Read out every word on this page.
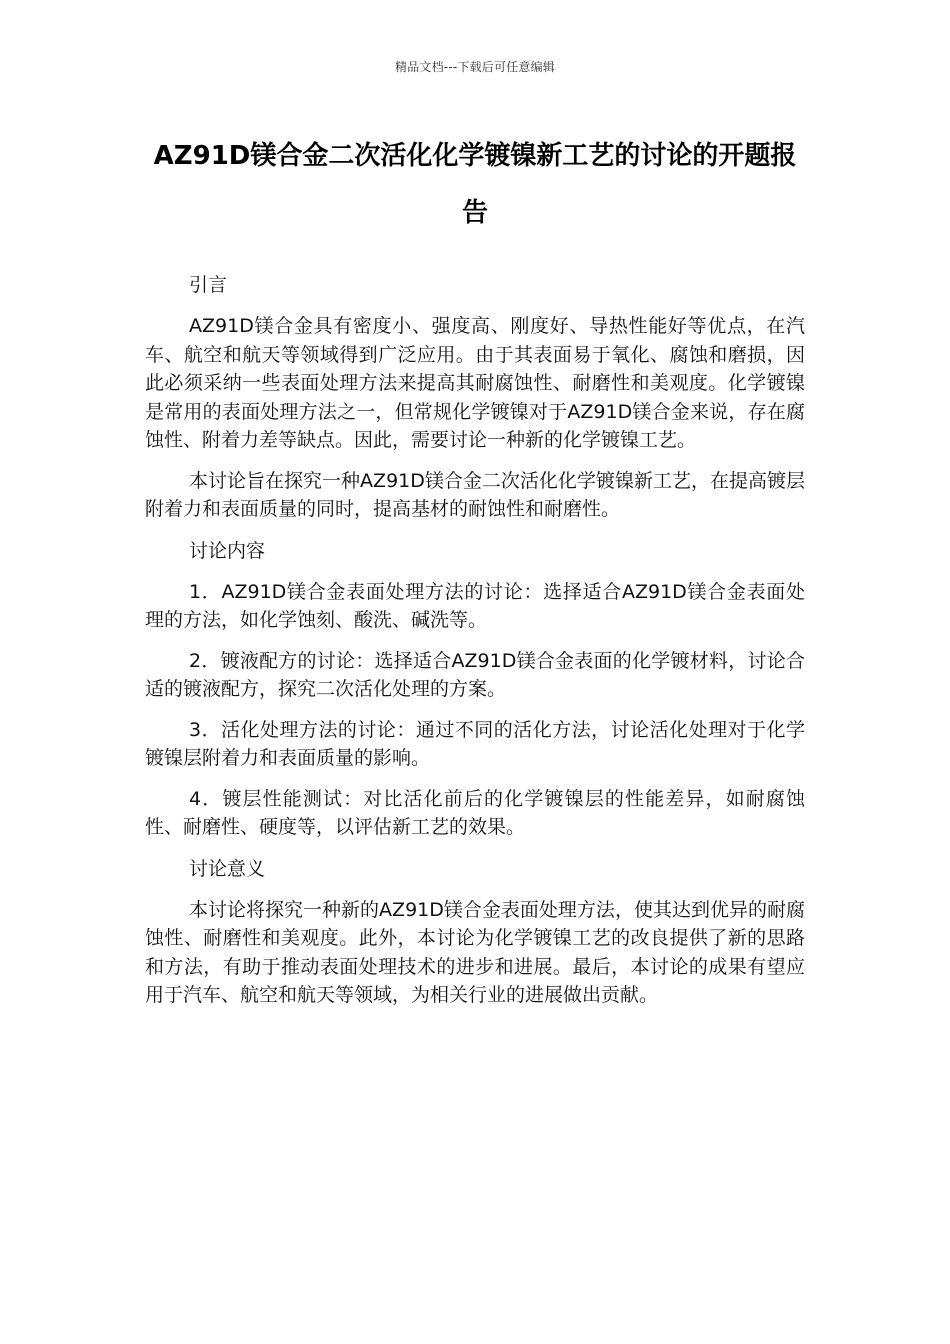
精品文档---下载后可任意编辑
AZ91D镁合金二次活化化学镀镍新工艺的讨论的开题报告

引言

AZ91D镁合金具有密度小、强度高、刚度好、导热性能好等优点，在汽车、航空和航天等领域得到广泛应用。由于其表面易于氧化、腐蚀和磨损，因此必须采纳一些表面处理方法来提高其耐腐蚀性、耐磨性和美观度。化学镀镍是常用的表面处理方法之一，但常规化学镀镍对于AZ91D镁合金来说，存在腐蚀性、附着力差等缺点。因此，需要讨论一种新的化学镀镍工艺。

本讨论旨在探究一种AZ91D镁合金二次活化化学镀镍新工艺，在提高镀层附着力和表面质量的同时，提高基材的耐蚀性和耐磨性。

讨论内容

1．AZ91D镁合金表面处理方法的讨论：选择适合AZ91D镁合金表面处理的方法，如化学蚀刻、酸洗、碱洗等。

2．镀液配方的讨论：选择适合AZ91D镁合金表面的化学镀材料，讨论合适的镀液配方，探究二次活化处理的方案。

3．活化处理方法的讨论：通过不同的活化方法，讨论活化处理对于化学镀镍层附着力和表面质量的影响。

4．镀层性能测试：对比活化前后的化学镀镍层的性能差异，如耐腐蚀性、耐磨性、硬度等，以评估新工艺的效果。

讨论意义

本讨论将探究一种新的AZ91D镁合金表面处理方法，使其达到优异的耐腐蚀性、耐磨性和美观度。此外，本讨论为化学镀镍工艺的改良提供了新的思路和方法，有助于推动表面处理技术的进步和进展。最后，本讨论的成果有望应用于汽车、航空和航天等领域，为相关行业的进展做出贡献。
